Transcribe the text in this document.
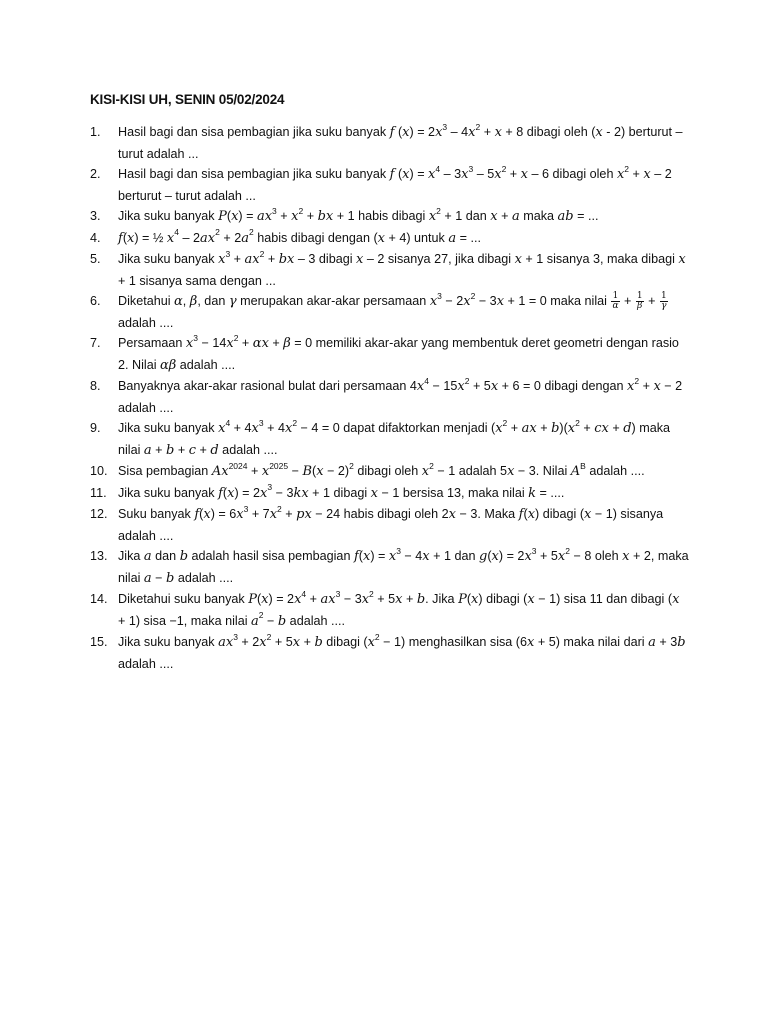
KISI-KISI UH, SENIN 05/02/2024
1. Hasil bagi dan sisa pembagian jika suku banyak f $(x) = 2x^3 - 4x^2 + x + 8$ dibagi oleh (x - 2) berturut – turut adalah ...
2. Hasil bagi dan sisa pembagian jika suku banyak f $(x) = x^4 - 3x^3 - 5x^2 + x - 6$ dibagi oleh $x^2 + x - 2$ berturut – turut adalah ...
3. Jika suku banyak $P(x) = ax^3 + x^2$ + bx + 1 habis dibagi $x^2 + 1$ dan x + a maka ab = ...
4. f(x) = ½ $x^4 - 2ax^2 + 2a^2$ habis dibagi dengan (x + 4) untuk a = ...
5. Jika suku banyak $x^3 + ax^2$ + bx – 3 dibagi x – 2 sisanya 27, jika dibagi x + 1 sisanya 3, maka dibagi x + 1 sisanya sama dengan ...
6. Diketahui α, β, dan γ merupakan akar-akar persamaan $x^3 - 2x^2 - 3x + 1 = 0$ maka nilai $\frac{1}{\alpha} + \frac{1}{\beta} + \frac{1}{\gamma}$
adalah ....
7. Persamaan $x^3 - 14x^2 + \alpha x + \beta = 0$ memiliki akar-akar yang membentuk deret geometri dengan rasio 2. Nilai αβ adalah ....
8. Banyaknya akar-akar rasional bulat dari persamaan $4x^4 - 15x^2 + 5x + 6 = 0$ dibagi dengan $x^2 + x - 2$ adalah ....
9. Jika suku banyak $x^4 + 4x^3 + 4x^2 - 4 = 0$ dapat difaktorkan menjadi ($x^2$ + ax + $b)(x^2$ + cx + d) maka nilai a + b + c + d adalah ....
10. Sisa pembagian $Ax^{2024} + x^{2025} - B(x - 2)^2$ dibagi oleh $x^2 - 1$ adalah 5x − 3. Nilai $A^B$ adalah ....
11. Jika suku banyak $f(x) = 2x^3 - 3kx + 1$ dibagi x − 1 bersisa 13, maka nilai k = ....
12. Suku banyak $f(x) = 6x^3 + 7x^2$ + px − 24 habis dibagi oleh 2x − 3. Maka f(x) dibagi (x − 1) sisanya adalah ....
13. Jika a dan b adalah hasil sisa pembagian $f(x) = x^3 - 4x + 1$ dan $g(x) = 2x^3 + 5x^2 - 8$ oleh x + 2, maka nilai a − b adalah ....
14. Diketahui suku banyak $P(x) = 2x^4 + ax^3 - 3x^2 + 5x + b$. Jika P(x) dibagi (x − 1) sisa 11 dan dibagi (x + 1) sisa −1, maka nilai $a^2 - b$ adalah ....
15. Jika suku banyak $ax^3 + 2x^2 + 5x + b$ dibagi $(x^2 - 1)$ menghasilkan sisa (6x + 5) maka nilai dari a + 3b adalah ....
